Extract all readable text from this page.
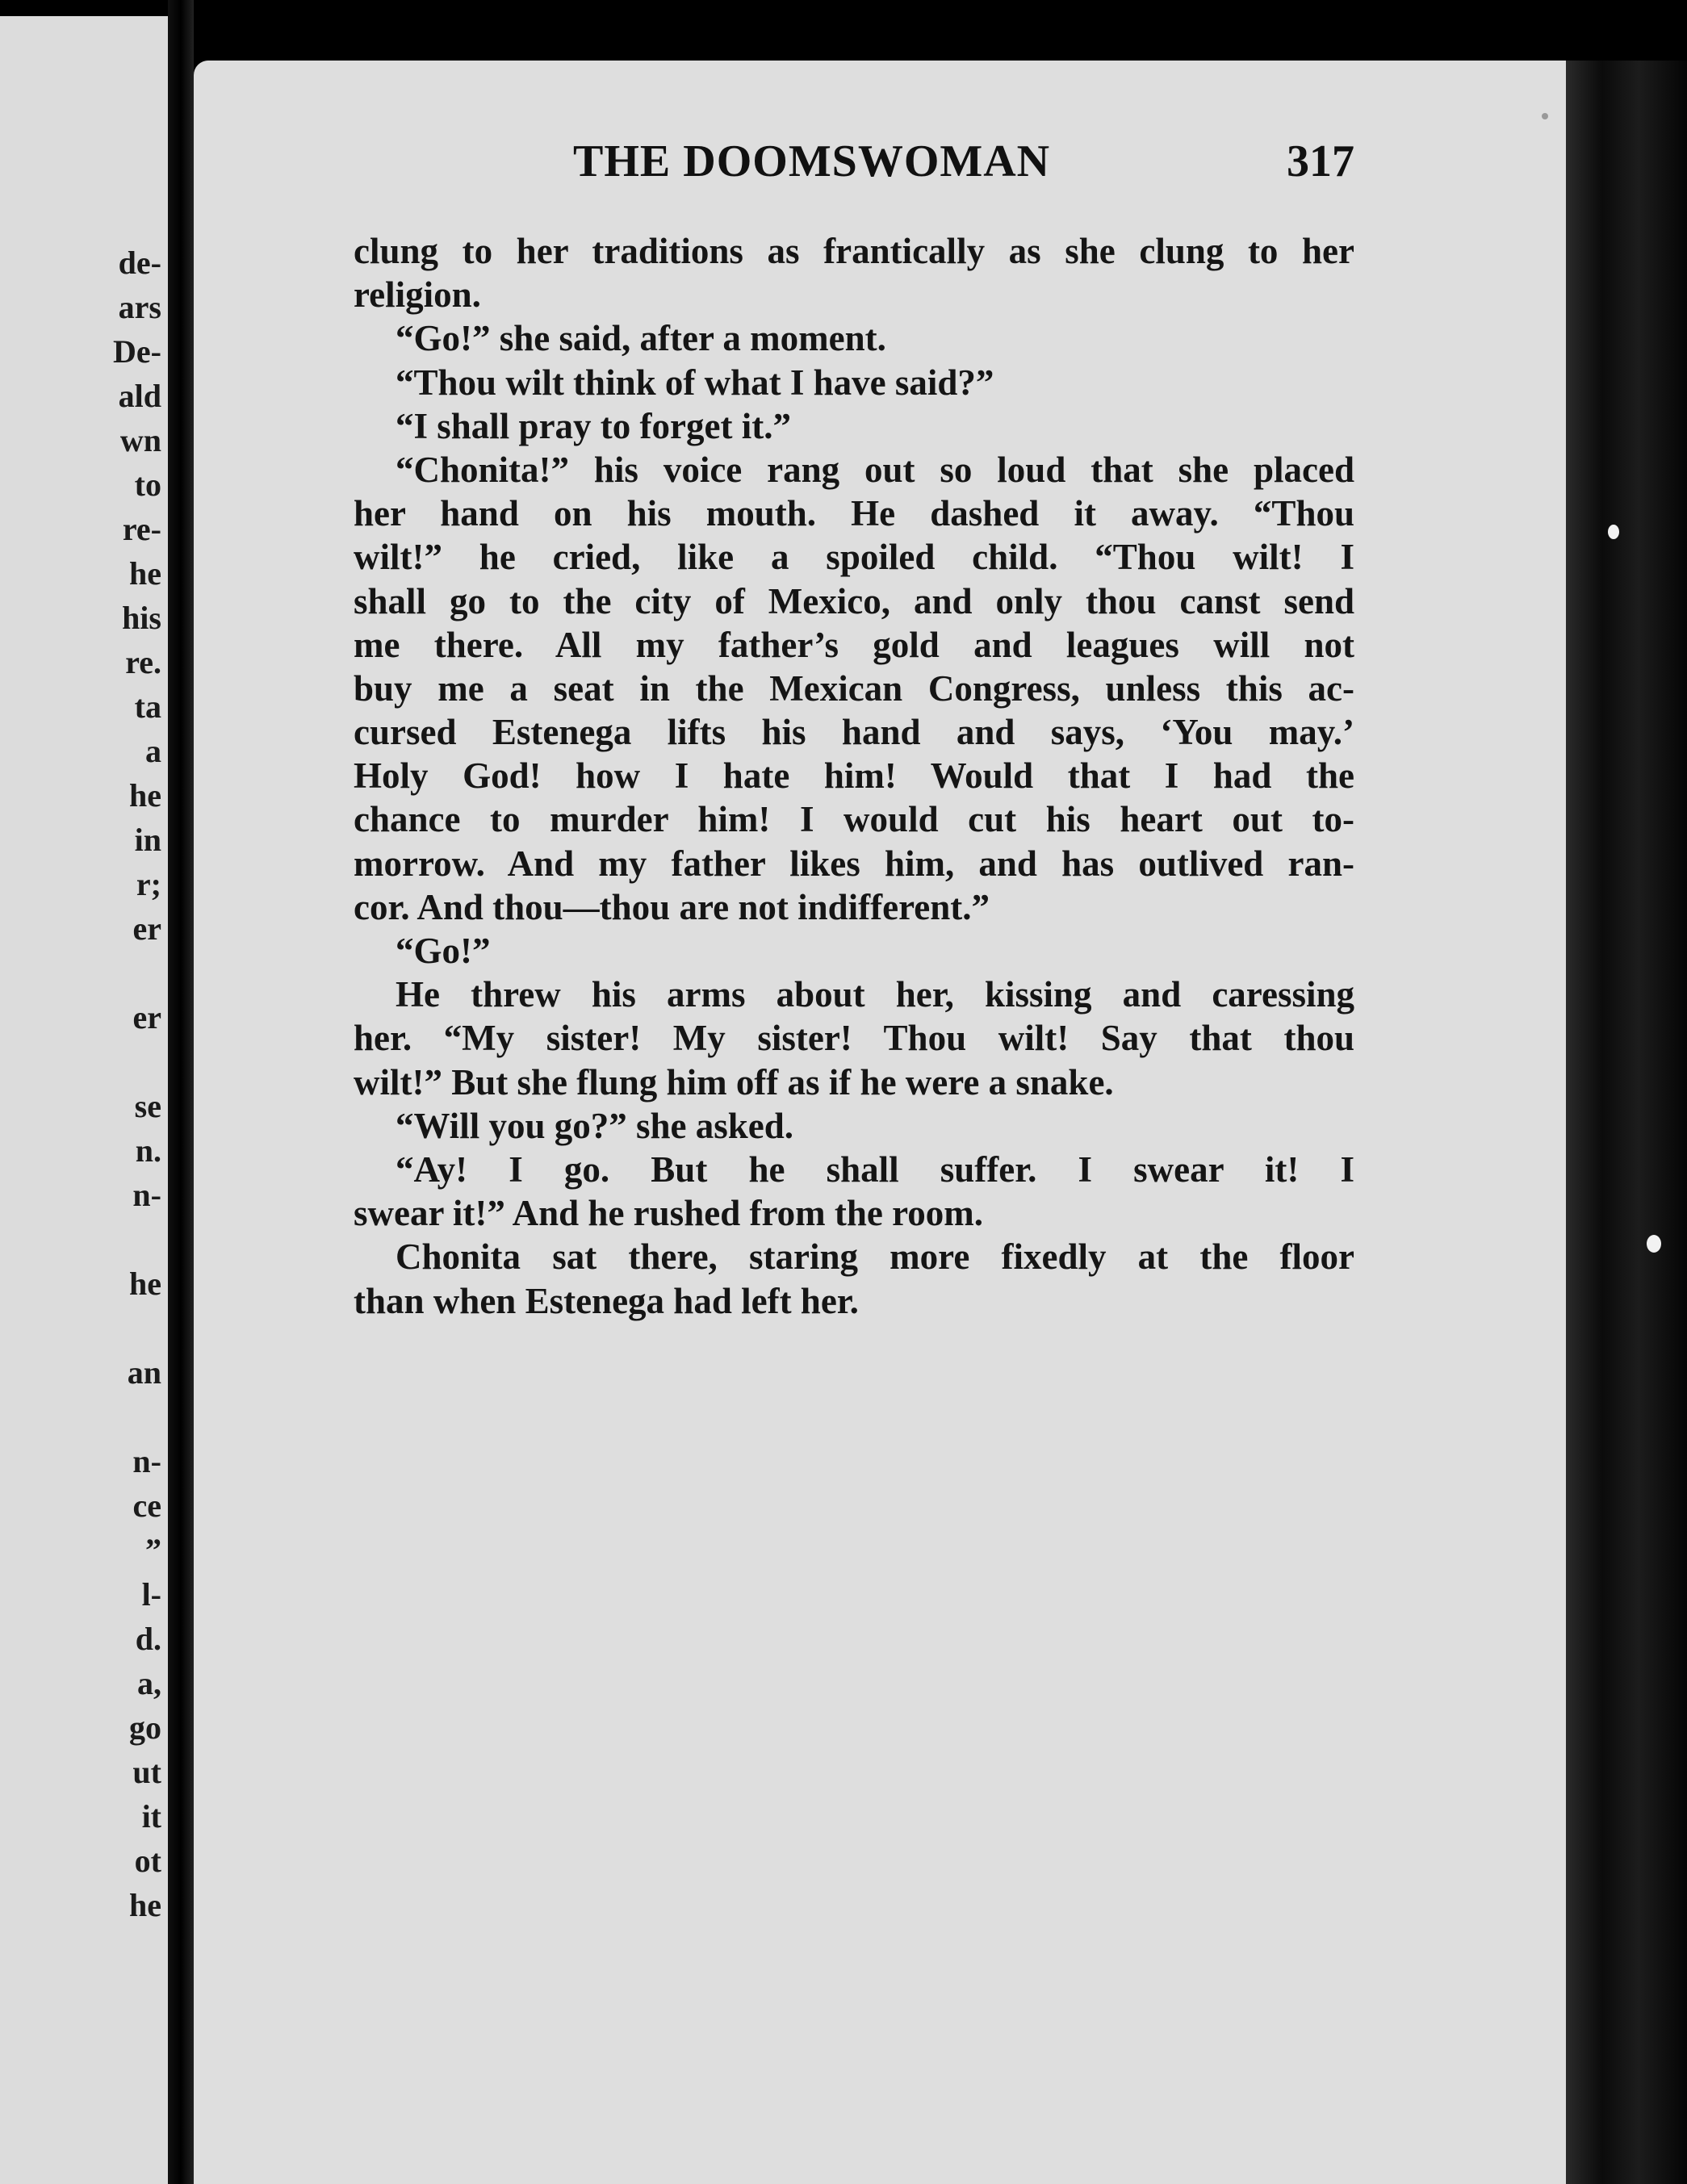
de-
ars
De-
ald
wn
to
re-
he
his
re.
ta
a
he
in
r;
er
er
se
n.
n-
he
an
n-
ce
”
l-
d.
a,
go
ut
it
ot
he
THE DOOMSWOMAN	317
clung to her traditions as frantically as she clung to her
religion.
“Go!” she said, after a moment.
“Thou wilt think of what I have said?”
“I shall pray to forget it.”
“Chonita!” his voice rang out so loud that she placed
her hand on his mouth. He dashed it away. “Thou
wilt!” he cried, like a spoiled child. “Thou wilt! I
shall go to the city of Mexico, and only thou canst send
me there. All my father’s gold and leagues will not
buy me a seat in the Mexican Congress, unless this ac-
cursed Estenega lifts his hand and says, ‘You may.’
Holy God! how I hate him! Would that I had the
chance to murder him! I would cut his heart out to-
morrow. And my father likes him, and has outlived ran-
cor. And thou—thou are not indifferent.”
“Go!”
He threw his arms about her, kissing and caressing
her. “My sister! My sister! Thou wilt! Say that thou
wilt!” But she flung him off as if he were a snake.
“Will you go?” she asked.
“Ay! I go. But he shall suffer. I swear it! I
swear it!” And he rushed from the room.
Chonita sat there, staring more fixedly at the floor
than when Estenega had left her.
